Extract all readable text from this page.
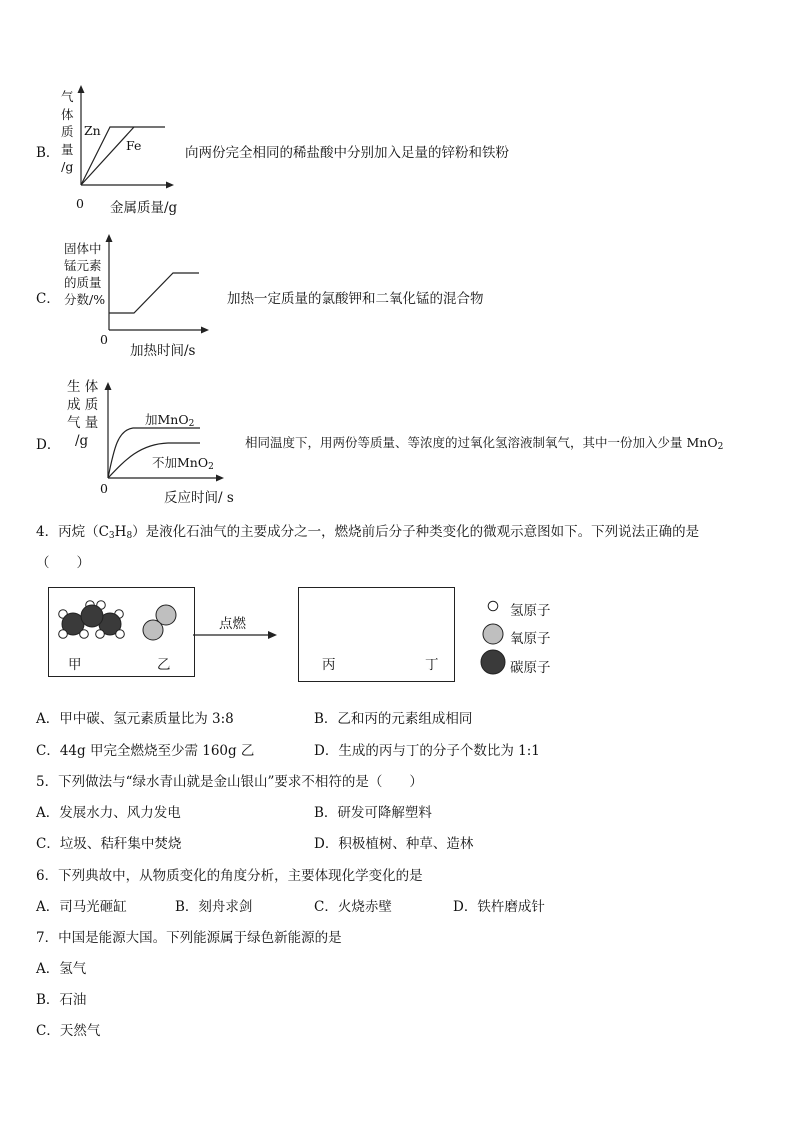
B．
气
体
质
量
/g
Zn
Fe
0 金属质量/g
向两份完全相同的稀盐酸中分别加入足量的锌粉和铁粉
C．
固体中
锰元素
的质量
分数/%
0
加热时间/s
加热一定质量的氯酸钾和二氧化锰的混合物
D．
生 体
成 质
气 量
/g
加MnO$_2$
不加MnO$_2$
0
反应时间/ s
相同温度下，用两份等质量、等浓度的过氧化氢溶液制氧气，其中一份加入少量 MnO$_2$
4．丙烷$(C_3H_8)$是液化石油气的主要成分之一，燃烧前后分子种类变化的微观示意图如下。下列说法正确的是
（　　）
甲	乙
点燃
丙	丁
氢原子
氧原子
碳原子
A．甲中碳、氢元素质量比为 3:8	B．乙和丙的元素组成相同
C．44g 甲完全燃烧至少需 160g 乙	D．生成的丙与丁的分子个数比为 1:1
5．下列做法与“绿水青山就是金山银山”要求不相符的是（　　）
A．发展水力、风力发电	B．研发可降解塑料
C．垃圾、秸秆集中焚烧	D．积极植树、种草、造林
6．下列典故中，从物质变化的角度分析，主要体现化学变化的是
A．司马光砸缸	B．刻舟求剑	C．火烧赤壁	D．铁杵磨成针
7．中国是能源大国。下列能源属于绿色新能源的是
A．氢气
B．石油
C．天然气
